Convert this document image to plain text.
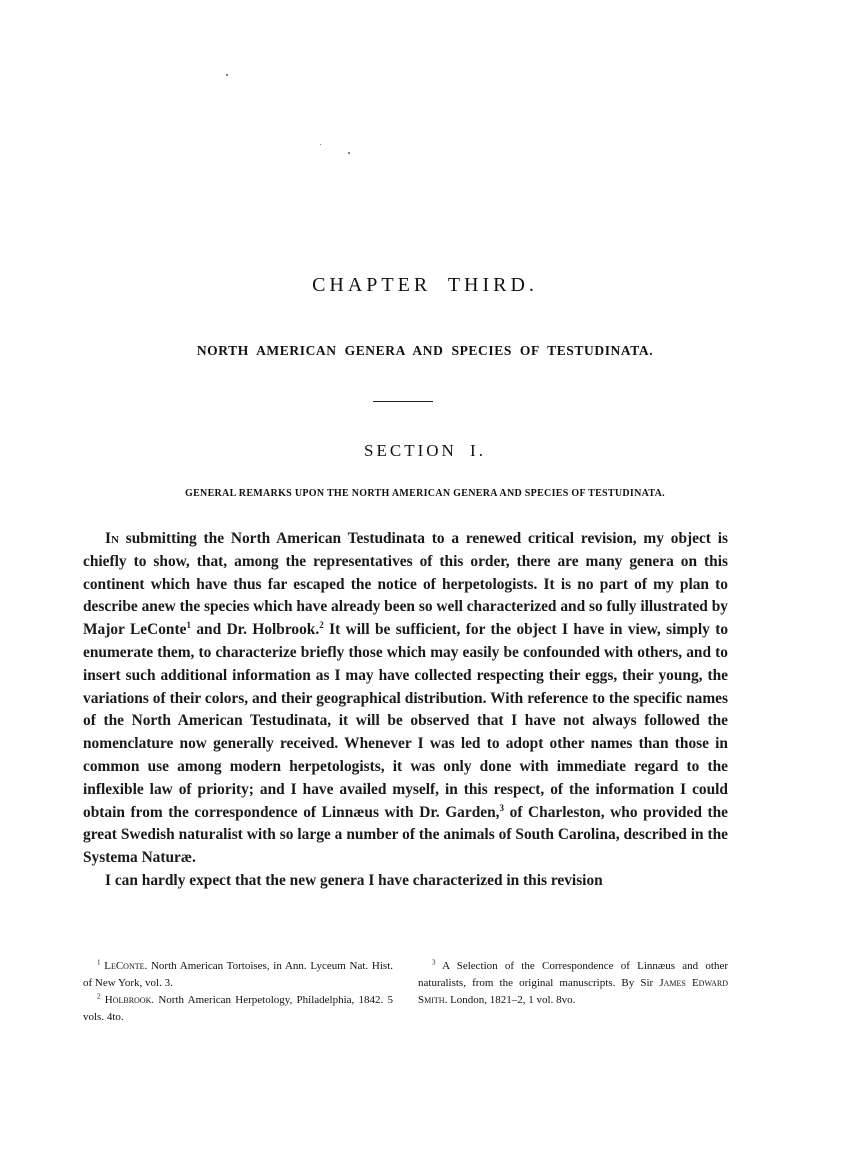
CHAPTER THIRD.
NORTH AMERICAN GENERA AND SPECIES OF TESTUDINATA.
SECTION I.
GENERAL REMARKS UPON THE NORTH AMERICAN GENERA AND SPECIES OF TESTUDINATA.

In submitting the North American Testudinata to a renewed critical revision, my object is chiefly to show, that, among the representatives of this order, there are many genera on this continent which have thus far escaped the notice of herpetologists. It is no part of my plan to describe anew the species which have already been so well characterized and so fully illustrated by Major LeConte$^1$ and Dr. Holbrook.$^2$ It will be sufficient, for the object I have in view, simply to enumerate them, to characterize briefly those which may easily be confounded with others, and to insert such additional information as I may have collected respecting their eggs, their young, the variations of their colors, and their geographical distribution. With reference to the specific names of the North American Testudinata, it will be observed that I have not always followed the nomenclature now generally received. Whenever I was led to adopt other names than those in common use among modern herpetologists, it was only done with immediate regard to the inflexible law of priority; and I have availed myself, in this respect, of the information I could obtain from the correspondence of Linnæus with Dr. Garden,$^3$ of Charleston, who provided the great Swedish naturalist with so large a number of the animals of South Carolina, described in the Systema Naturæ.

I can hardly expect that the new genera I have characterized in this revision

$^1$ LeConte. North American Tortoises, in Ann. Lyceum Nat. Hist. of New York, vol. 3.

$^2$ Holbrook. North American Herpetology, Philadelphia, 1842. 5 vols. 4to.

$^3$ A Selection of the Correspondence of Linnæus and other naturalists, from the original manuscripts. By Sir James Edward Smith. London, 1821–2, 1 vol. 8vo.
